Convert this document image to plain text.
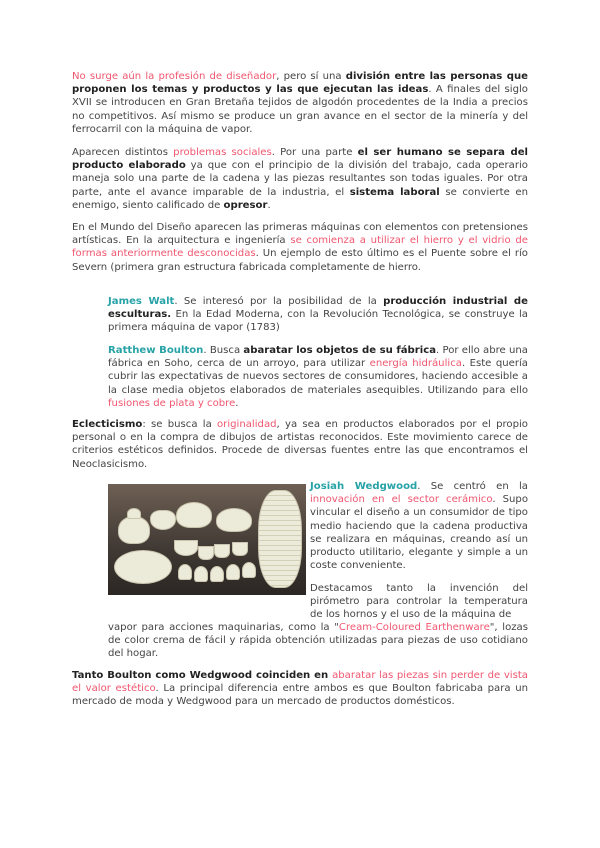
No surge aún la profesión de diseñador, pero sí una división entre las personas que proponen los temas y productos y las que ejecutan las ideas. A finales del siglo XVII se introducen en Gran Bretaña tejidos de algodón procedentes de la India a precios no competitivos. Así mismo se produce un gran avance en el sector de la minería y del ferrocarril con la máquina de vapor.

Aparecen distintos problemas sociales. Por una parte el ser humano se separa del producto elaborado ya que con el principio de la división del trabajo, cada operario maneja solo una parte de la cadena y las piezas resultantes son todas iguales. Por otra parte, ante el avance imparable de la industria, el sistema laboral se convierte en enemigo, siento calificado de opresor.

En el Mundo del Diseño aparecen las primeras máquinas con elementos con pretensiones artísticas. En la arquitectura e ingeniería se comienza a utilizar el hierro y el vidrio de formas anteriormente desconocidas. Un ejemplo de esto último es el Puente sobre el río Severn (primera gran estructura fabricada completamente de hierro.

James Walt. Se interesó por la posibilidad de la producción industrial de esculturas. En la Edad Moderna, con la Revolución Tecnológica, se construye la primera máquina de vapor (1783)

Ratthew Boulton. Busca abaratar los objetos de su fábrica. Por ello abre una fábrica en Soho, cerca de un arroyo, para utilizar energía hidráulica. Este quería cubrir las expectativas de nuevos sectores de consumidores, haciendo accesible a la clase media objetos elaborados de materiales asequibles. Utilizando para ello fusiones de plata y cobre.

Eclecticismo: se busca la originalidad, ya sea en productos elaborados por el propio personal o en la compra de dibujos de artistas reconocidos. Este movimiento carece de criterios estéticos definidos. Procede de diversas fuentes entre las que encontramos el Neoclasicismo.

Josiah Wedgwood. Se centró en la innovación en el sector cerámico. Supo vincular el diseño a un consumidor de tipo medio haciendo que la cadena productiva se realizara en máquinas, creando así un producto utilitario, elegante y simple a un coste conveniente.

Destacamos tanto la invención del pirómetro para controlar la temperatura de los hornos y el uso de la máquina de

vapor para acciones maquinarias, como la "Cream-Coloured Earthenware", lozas de color crema de fácil y rápida obtención utilizadas para piezas de uso cotidiano del hogar.

Tanto Boulton como Wedgwood coinciden en abaratar las piezas sin perder de vista el valor estético. La principal diferencia entre ambos es que Boulton fabricaba para un mercado de moda y Wedgwood para un mercado de productos domésticos.
